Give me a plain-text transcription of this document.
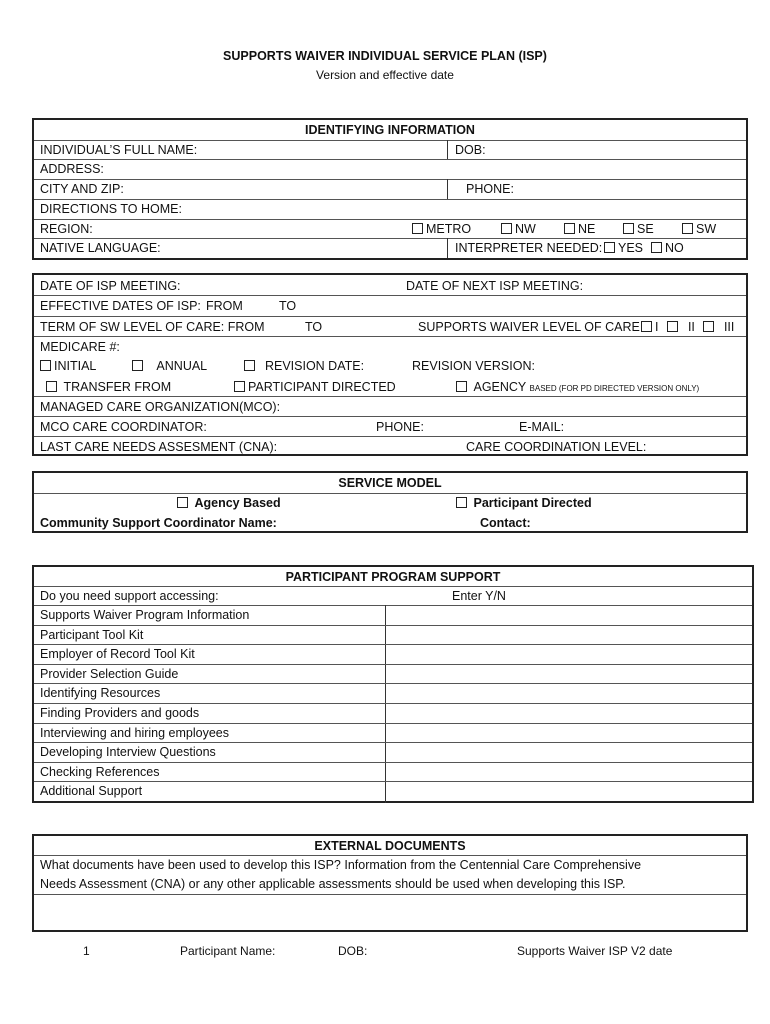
SUPPORTS WAIVER INDIVIDUAL SERVICE PLAN (ISP)
Version and effective date
IDENTIFYING INFORMATION
INDIVIDUAL’S FULL NAME:	DOB:
ADDRESS:
CITY AND ZIP:	PHONE:
DIRECTIONS TO HOME:
REGION:	METRO	NW	NE	SE	SW
NATIVE LANGUAGE:	INTERPRETER NEEDED:	YES	NO
DATE OF ISP MEETING:	DATE OF NEXT ISP MEETING:
EFFECTIVE DATES OF ISP: FROM	TO
TERM OF SW LEVEL OF CARE: FROM	TO	SUPPORTS WAIVER LEVEL OF CARE	I	II	III
MEDICARE #:
INITIAL	ANNUAL	REVISION DATE:	REVISION VERSION:
TRANSFER FROM	PARTICIPANT DIRECTED	AGENCY BASED (FOR PD DIRECTED VERSION ONLY)
MANAGED CARE ORGANIZATION(MCO):
MCO CARE COORDINATOR:	PHONE:	E-MAIL:
LAST CARE NEEDS ASSESMENT (CNA):	CARE COORDINATION LEVEL:
SERVICE MODEL
Agency Based	Participant Directed
Community Support Coordinator Name:	Contact:
PARTICIPANT PROGRAM SUPPORT
Do you need support accessing:	Enter Y/N
Supports Waiver Program Information
Participant Tool Kit
Employer of Record Tool Kit
Provider Selection Guide
Identifying Resources
Finding Providers and goods
Interviewing and hiring employees
Developing Interview Questions
Checking References
Additional Support
EXTERNAL DOCUMENTS
What documents have been used to develop this ISP? Information from the Centennial Care Comprehensive
Needs Assessment (CNA) or any other applicable assessments should be used when developing this ISP.
1	Participant Name:	DOB:	Supports Waiver ISP V2 date
